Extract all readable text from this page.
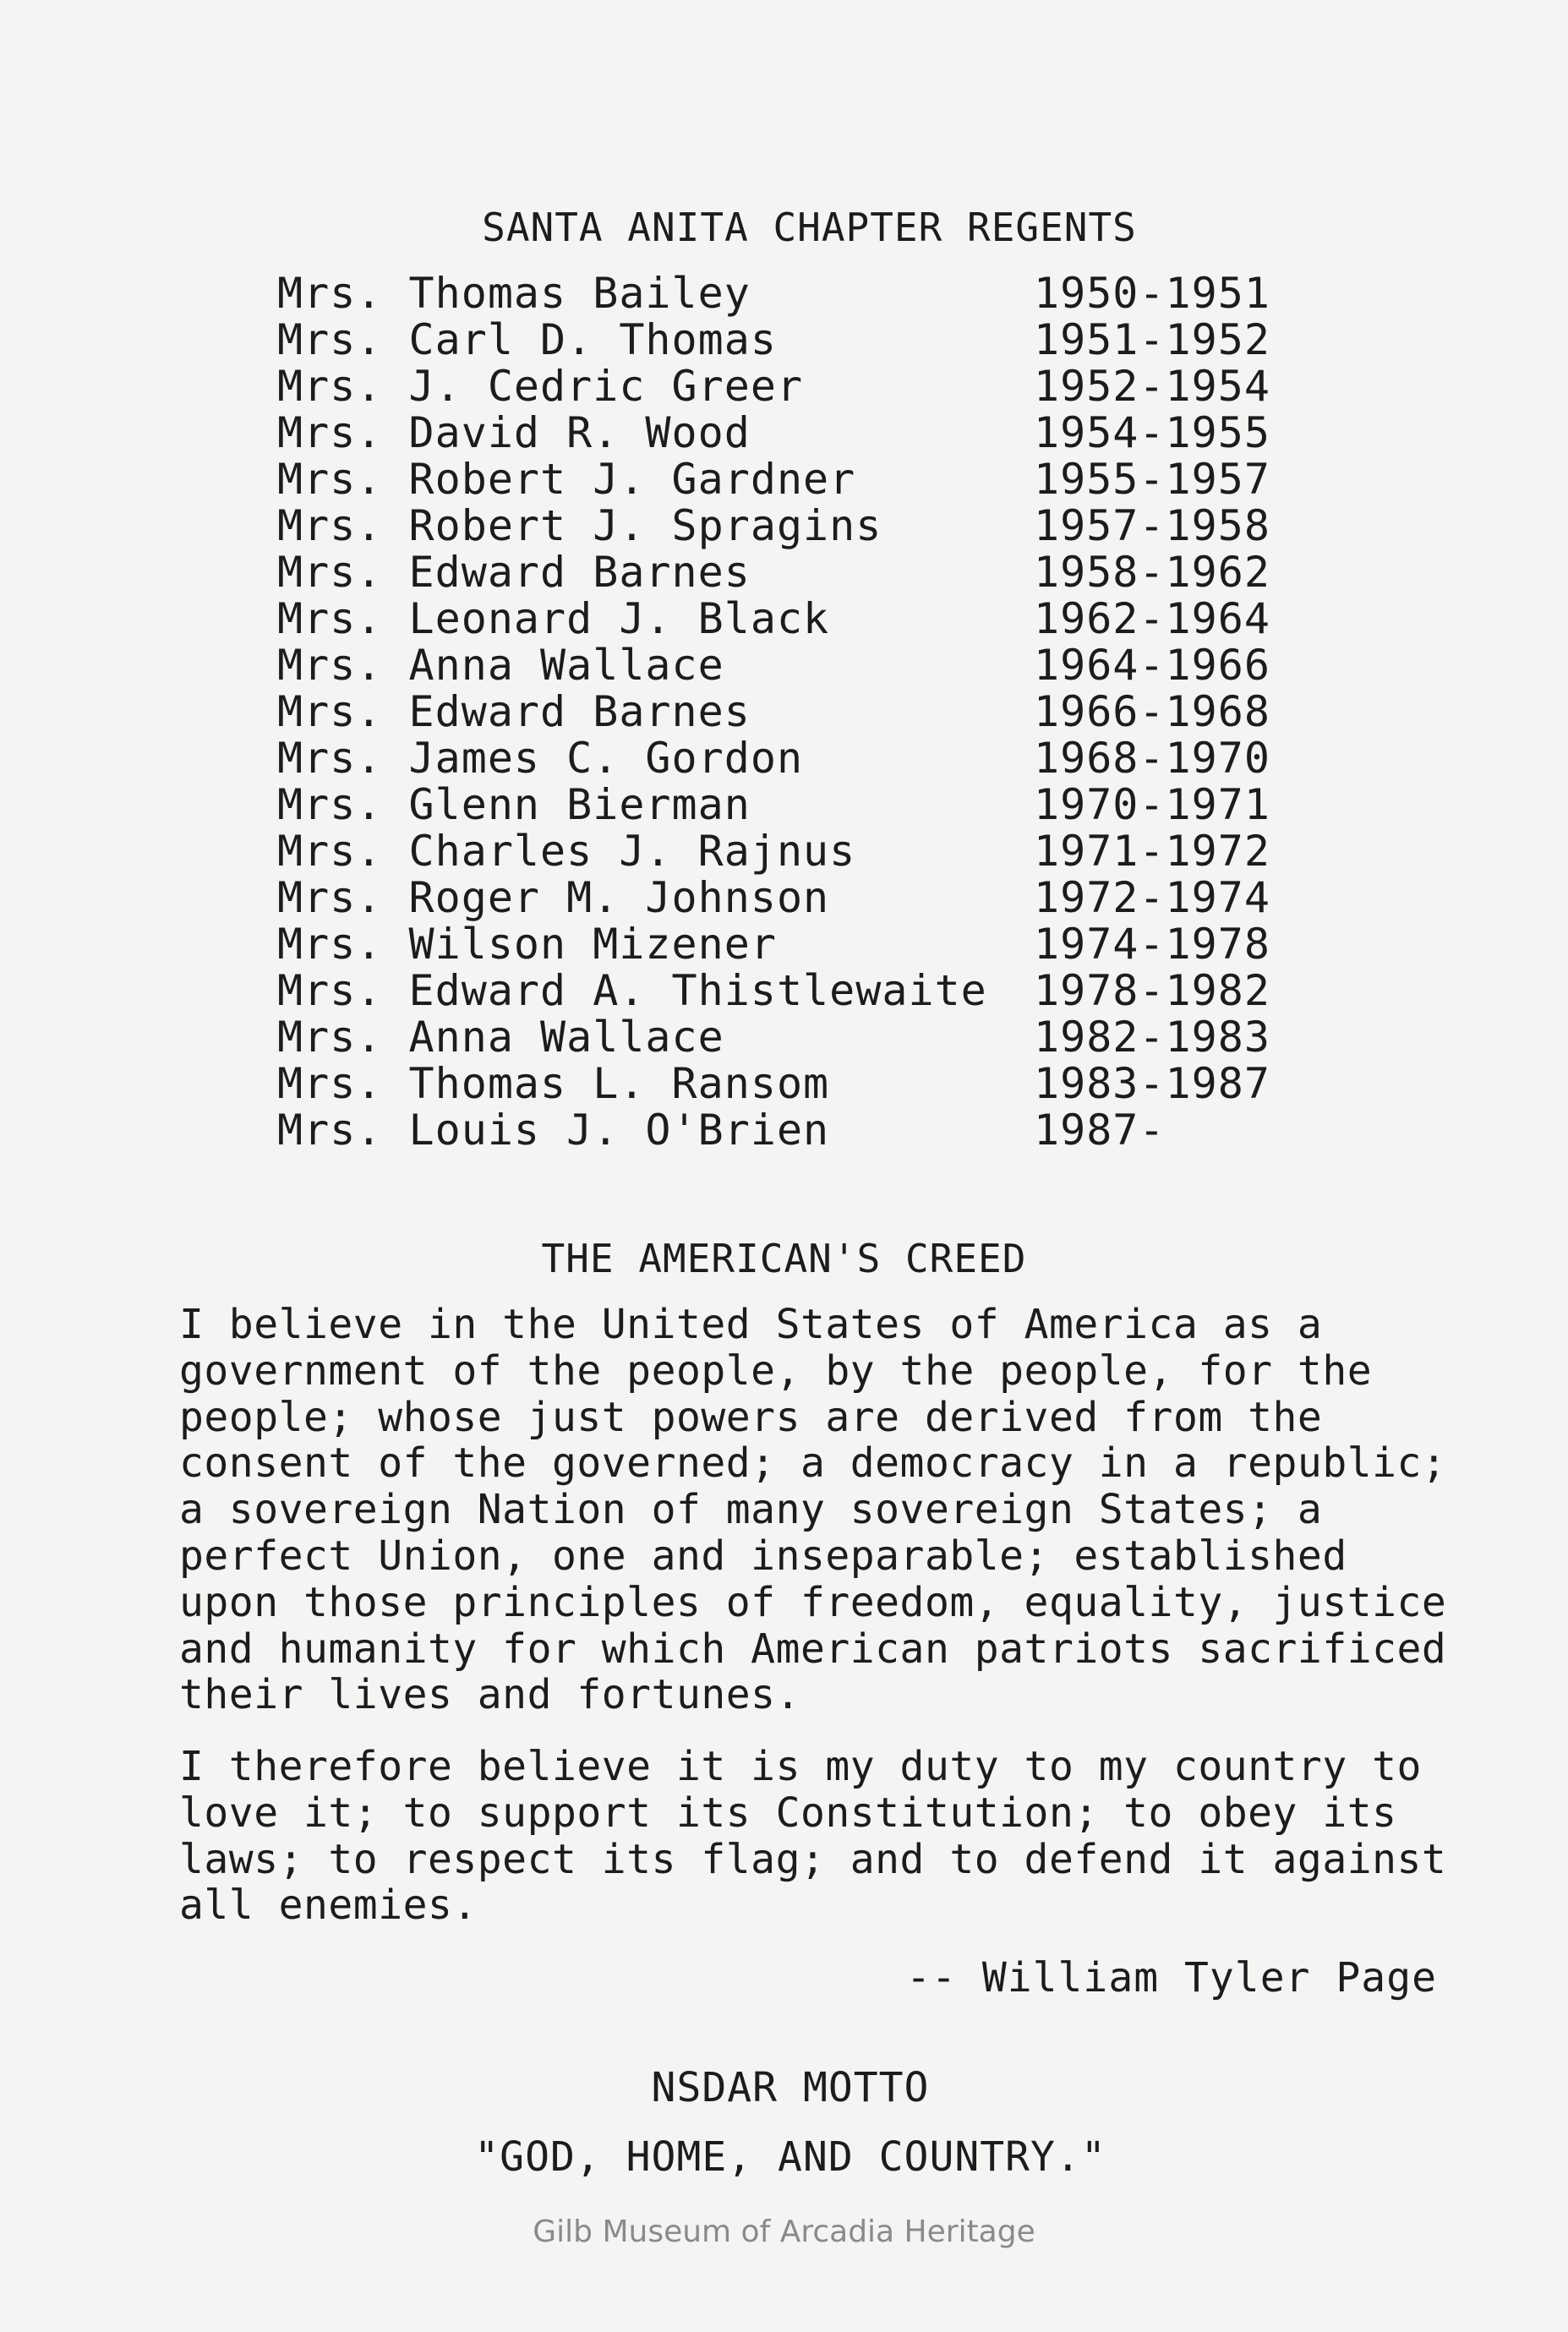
SANTA ANITA CHAPTER REGENTS
Mrs. Thomas Bailey	1950-1951
Mrs. Carl D. Thomas	1951-1952
Mrs. J. Cedric Greer	1952-1954
Mrs. David R. Wood	1954-1955
Mrs. Robert J. Gardner	1955-1957
Mrs. Robert J. Spragins	1957-1958
Mrs. Edward Barnes	1958-1962
Mrs. Leonard J. Black	1962-1964
Mrs. Anna Wallace	1964-1966
Mrs. Edward Barnes	1966-1968
Mrs. James C. Gordon	1968-1970
Mrs. Glenn Bierman	1970-1971
Mrs. Charles J. Rajnus	1971-1972
Mrs. Roger M. Johnson	1972-1974
Mrs. Wilson Mizener	1974-1978
Mrs. Edward A. Thistlewaite	1978-1982
Mrs. Anna Wallace	1982-1983
Mrs. Thomas L. Ransom	1983-1987
Mrs. Louis J. O'Brien	1987-
THE AMERICAN'S CREED
I believe in the United States of America as a
government of the people, by the people, for the
people; whose just powers are derived from the
consent of the governed; a democracy in a republic;
a sovereign Nation of many sovereign States; a
perfect Union, one and inseparable; established
upon those principles of freedom, equality, justice
and humanity for which American patriots sacrificed
their lives and fortunes.
I therefore believe it is my duty to my country to
love it; to support its Constitution; to obey its
laws; to respect its flag; and to defend it against
all enemies.
-- William Tyler Page
NSDAR MOTTO
"GOD, HOME, AND COUNTRY."
Gilb Museum of Arcadia Heritage
